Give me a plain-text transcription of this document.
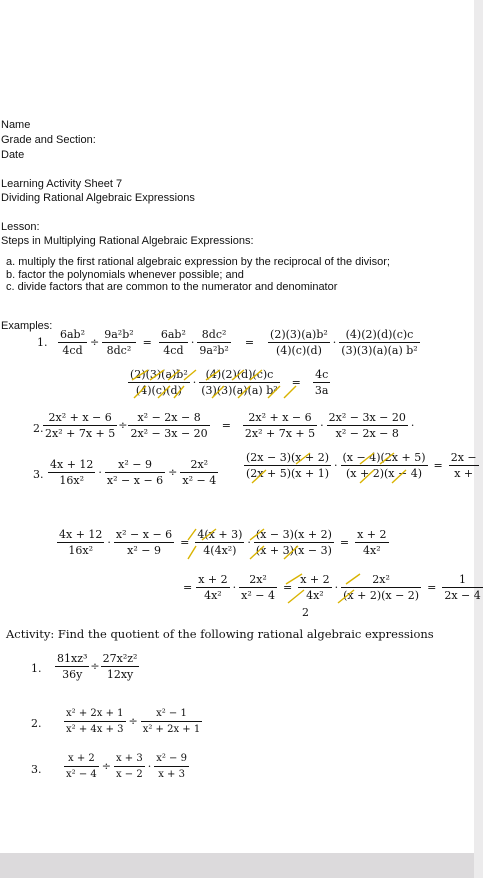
Name
Grade and Section:
Date
Learning Activity Sheet 7
Dividing Rational Algebraic Expressions
Lesson:
Steps in Multiplying Rational Algebraic Expressions:
a. multiply the first rational algebraic expression by the reciprocal of the divisor;
b. factor the polynomials whenever possible; and
c. divide factors that are common to the numerator and denominator
Examples:
1. $\frac{\text{6ab²}}{4cd} \div \frac{\text{9a²b²}}{\text{8dc²}} = \frac{\text{6ab²}}{4cd} \cdot \frac{\text{8dc²}}{\text{9a²b²}} = \frac{\text{(2)(3)(a)b²}}{(4)(c)(d)} \cdot \frac{(4)(2)(d)(c)c}{\text{(3)(3)(a)(a) b²}}$
$\frac{\text{(2)(3)(a)b²}}{(4)(c)(d)} \cdot \frac{(4)(2)(d)(c)c}{\text{(3)(3)(a)(a) b²}} = \frac{4c}{3a}$
2. $\frac{\text{2x² + x − 6}}{\text{2x² + 7x + 5}} \div \frac{\text{x² − 2x − 8}}{\text{2x² − 3x − 20}} = \frac{\text{2x² + x − 6}}{\text{2x² + 7x + 5}} \cdot \frac{\text{2x² − 3x − 20}}{\text{x² − 2x − 8}}$ ·
$\frac{(2x - 3)(x + 2)}{(2x + 5)(x + 1)} \cdot \frac{(x - 4)(2x + 5)}{(x + 2)(x - 4)} = \frac{2x -}{x +}$
3. $\frac{4x + 12}{\text{16x²}} \cdot \frac{\text{x² − 9}}{\text{x² − x − 6}} \div \frac{\text{2x²}}{\text{x² − 4}}$
$\frac{4x + 12}{\text{16x²}} \cdot \frac{\text{x² − x − 6}}{\text{x² − 9}} = \frac{4(x + 3)}{\text{4(4x²)}} \cdot \frac{(x - 3)(x + 2)}{(x + 3)(x - 3)} = \frac{x + 2}{\text{4x²}}$
= $\frac{x + 2}{\text{4x²}} \cdot \frac{\text{2x²}}{\text{x² − 4}} = \frac{x + 2}{\text{4x²}} \cdot \frac{\text{2x²}}{(x + 2)(x - 2)} = \frac{1}{2x - 4}$
2
Activity: Find the quotient of the following rational algebraic expressions
1. $\frac{\text{81xz³}}{36y} \div \frac{\text{27x²z²}}{12xy}$
2. $\frac{\text{x² + 2x + 1}}{\text{x² + 4x + 3}} \div \frac{\text{x² − 1}}{\text{x² + 2x + 1}}$
3. $\frac{x + 2}{\text{x² − 4}} \div \frac{x + 3}{x - 2} \cdot \frac{\text{x² − 9}}{x + 3}$
